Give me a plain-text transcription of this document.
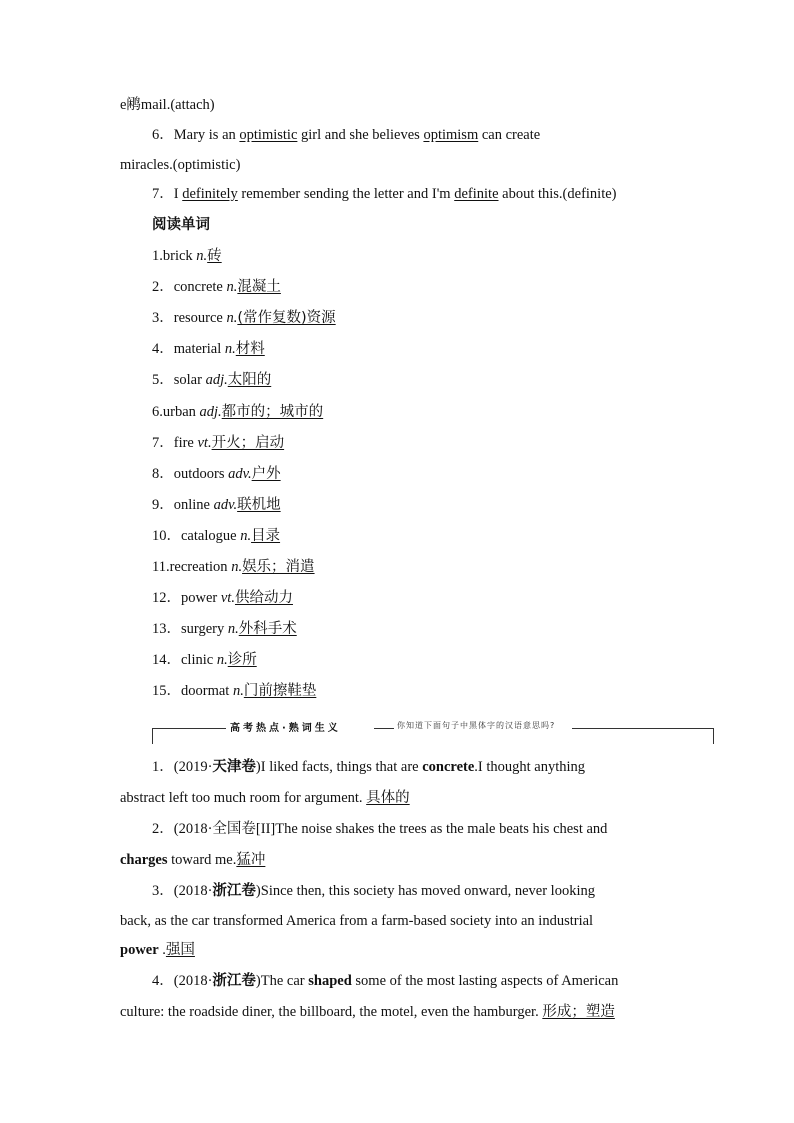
e鹇mail.(attach)
6．Mary is an optimistic girl and she believes optimism can create
miracles.(optimistic)
7．I definitely remember sending the letter and I'm definite about this.(definite)
阅读单词
1.brick n.砖
2．concrete n.混凝土
3．resource n.(常作复数)资源
4．material n.材料
5．solar adj.太阳的
6.urban adj.都市的；城市的
7．fire vt.开火；启动
8．outdoors adv.户外
9．online adv.联机地
10．catalogue n.目录
11.recreation n.娱乐；消遣
12．power vt.供给动力
13．surgery n.外科手术
14．clinic n.诊所
15．doormat n.门前擦鞋垫
高考热点·熟词生义	你知道下面句子中黑体字的汉语意思吗?
1．(2019·天津卷)I liked facts, things that are concrete.I thought anything
abstract left too much room for argument. 具体的
2．(2018·全国卷[II]The noise shakes the trees as the male beats his chest and
charges toward me.猛冲
3．(2018·浙江卷)Since then, this society has moved onward, never looking
back, as the car transformed America from a farm-based society into an industrial
power .强国
4．(2018·浙江卷)The car shaped some of the most lasting aspects of American
culture: the roadside diner, the billboard, the motel, even the hamburger. 形成；塑造
